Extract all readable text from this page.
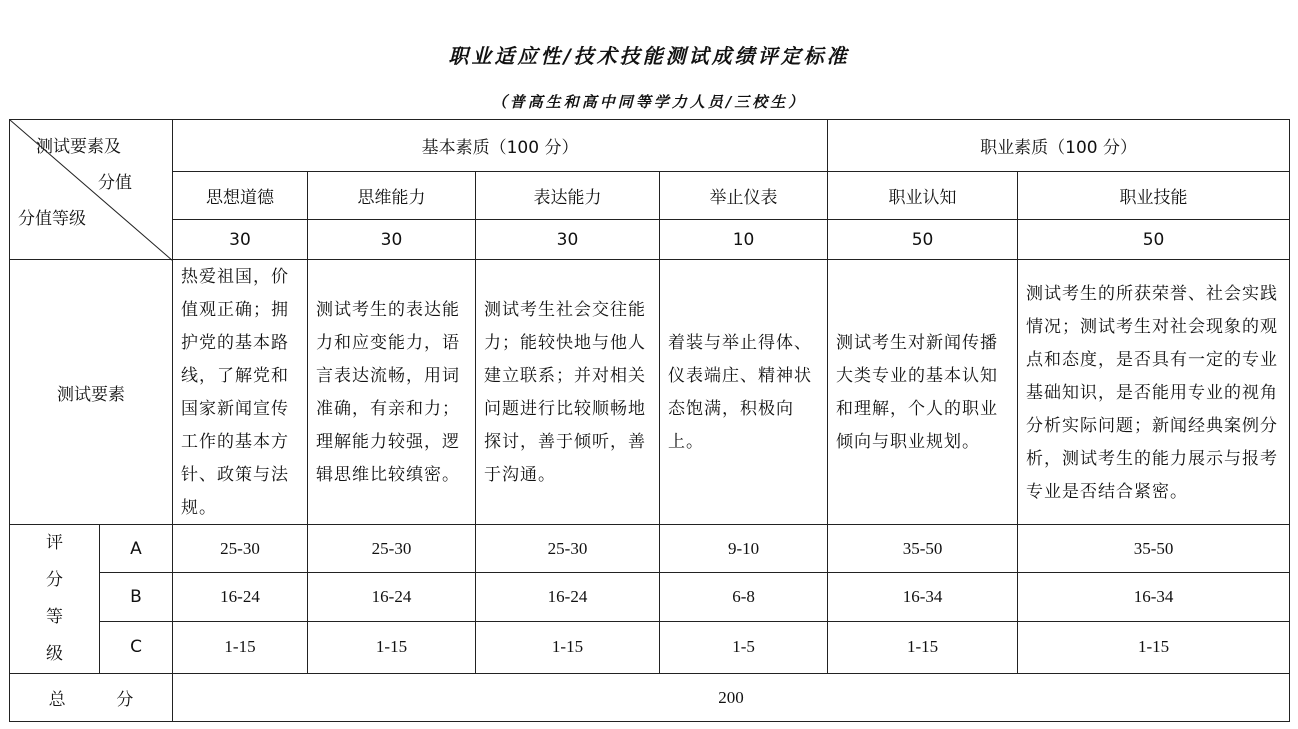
职业适应性/技术技能测试成绩评定标准
（普高生和高中同等学力人员/三校生）
测试要素及
分值
分值等级		基本素质（100 分）				职业素质（100 分）	
		思想道德	思维能力	表达能力	举止仪表	职业认知	职业技能
		30	30	30	10	50	50
测试要素		热爱祖国，价值观正确；拥护党的基本路线，了解党和国家新闻宣传工作的基本方针、政策与法规。	测试考生的表达能力和应变能力，语言表达流畅，用词准确，有亲和力；理解能力较强，逻辑思维比较缜密。	测试考生社会交往能力；能较快地与他人建立联系；并对相关问题进行比较顺畅地探讨，善于倾听，善于沟通。	着装与举止得体、仪表端庄、精神状态饱满，积极向上。	测试考生对新闻传播大类专业的基本认知和理解，个人的职业倾向与职业规划。	测试考生的所获荣誉、社会实践情况；测试考生对社会现象的观点和态度，是否具有一定的专业基础知识，是否能用专业的视角分析实际问题；新闻经典案例分析，测试考生的能力展示与报考专业是否结合紧密。
评
分
等
级	A	25-30	25-30	25-30	9-10	35-50	35-50
	B	16-24	16-24	16-24	6-8	16-34	16-34
	C	1-15	1-15	1-15	1-5	1-15	1-15
总 分		200					
